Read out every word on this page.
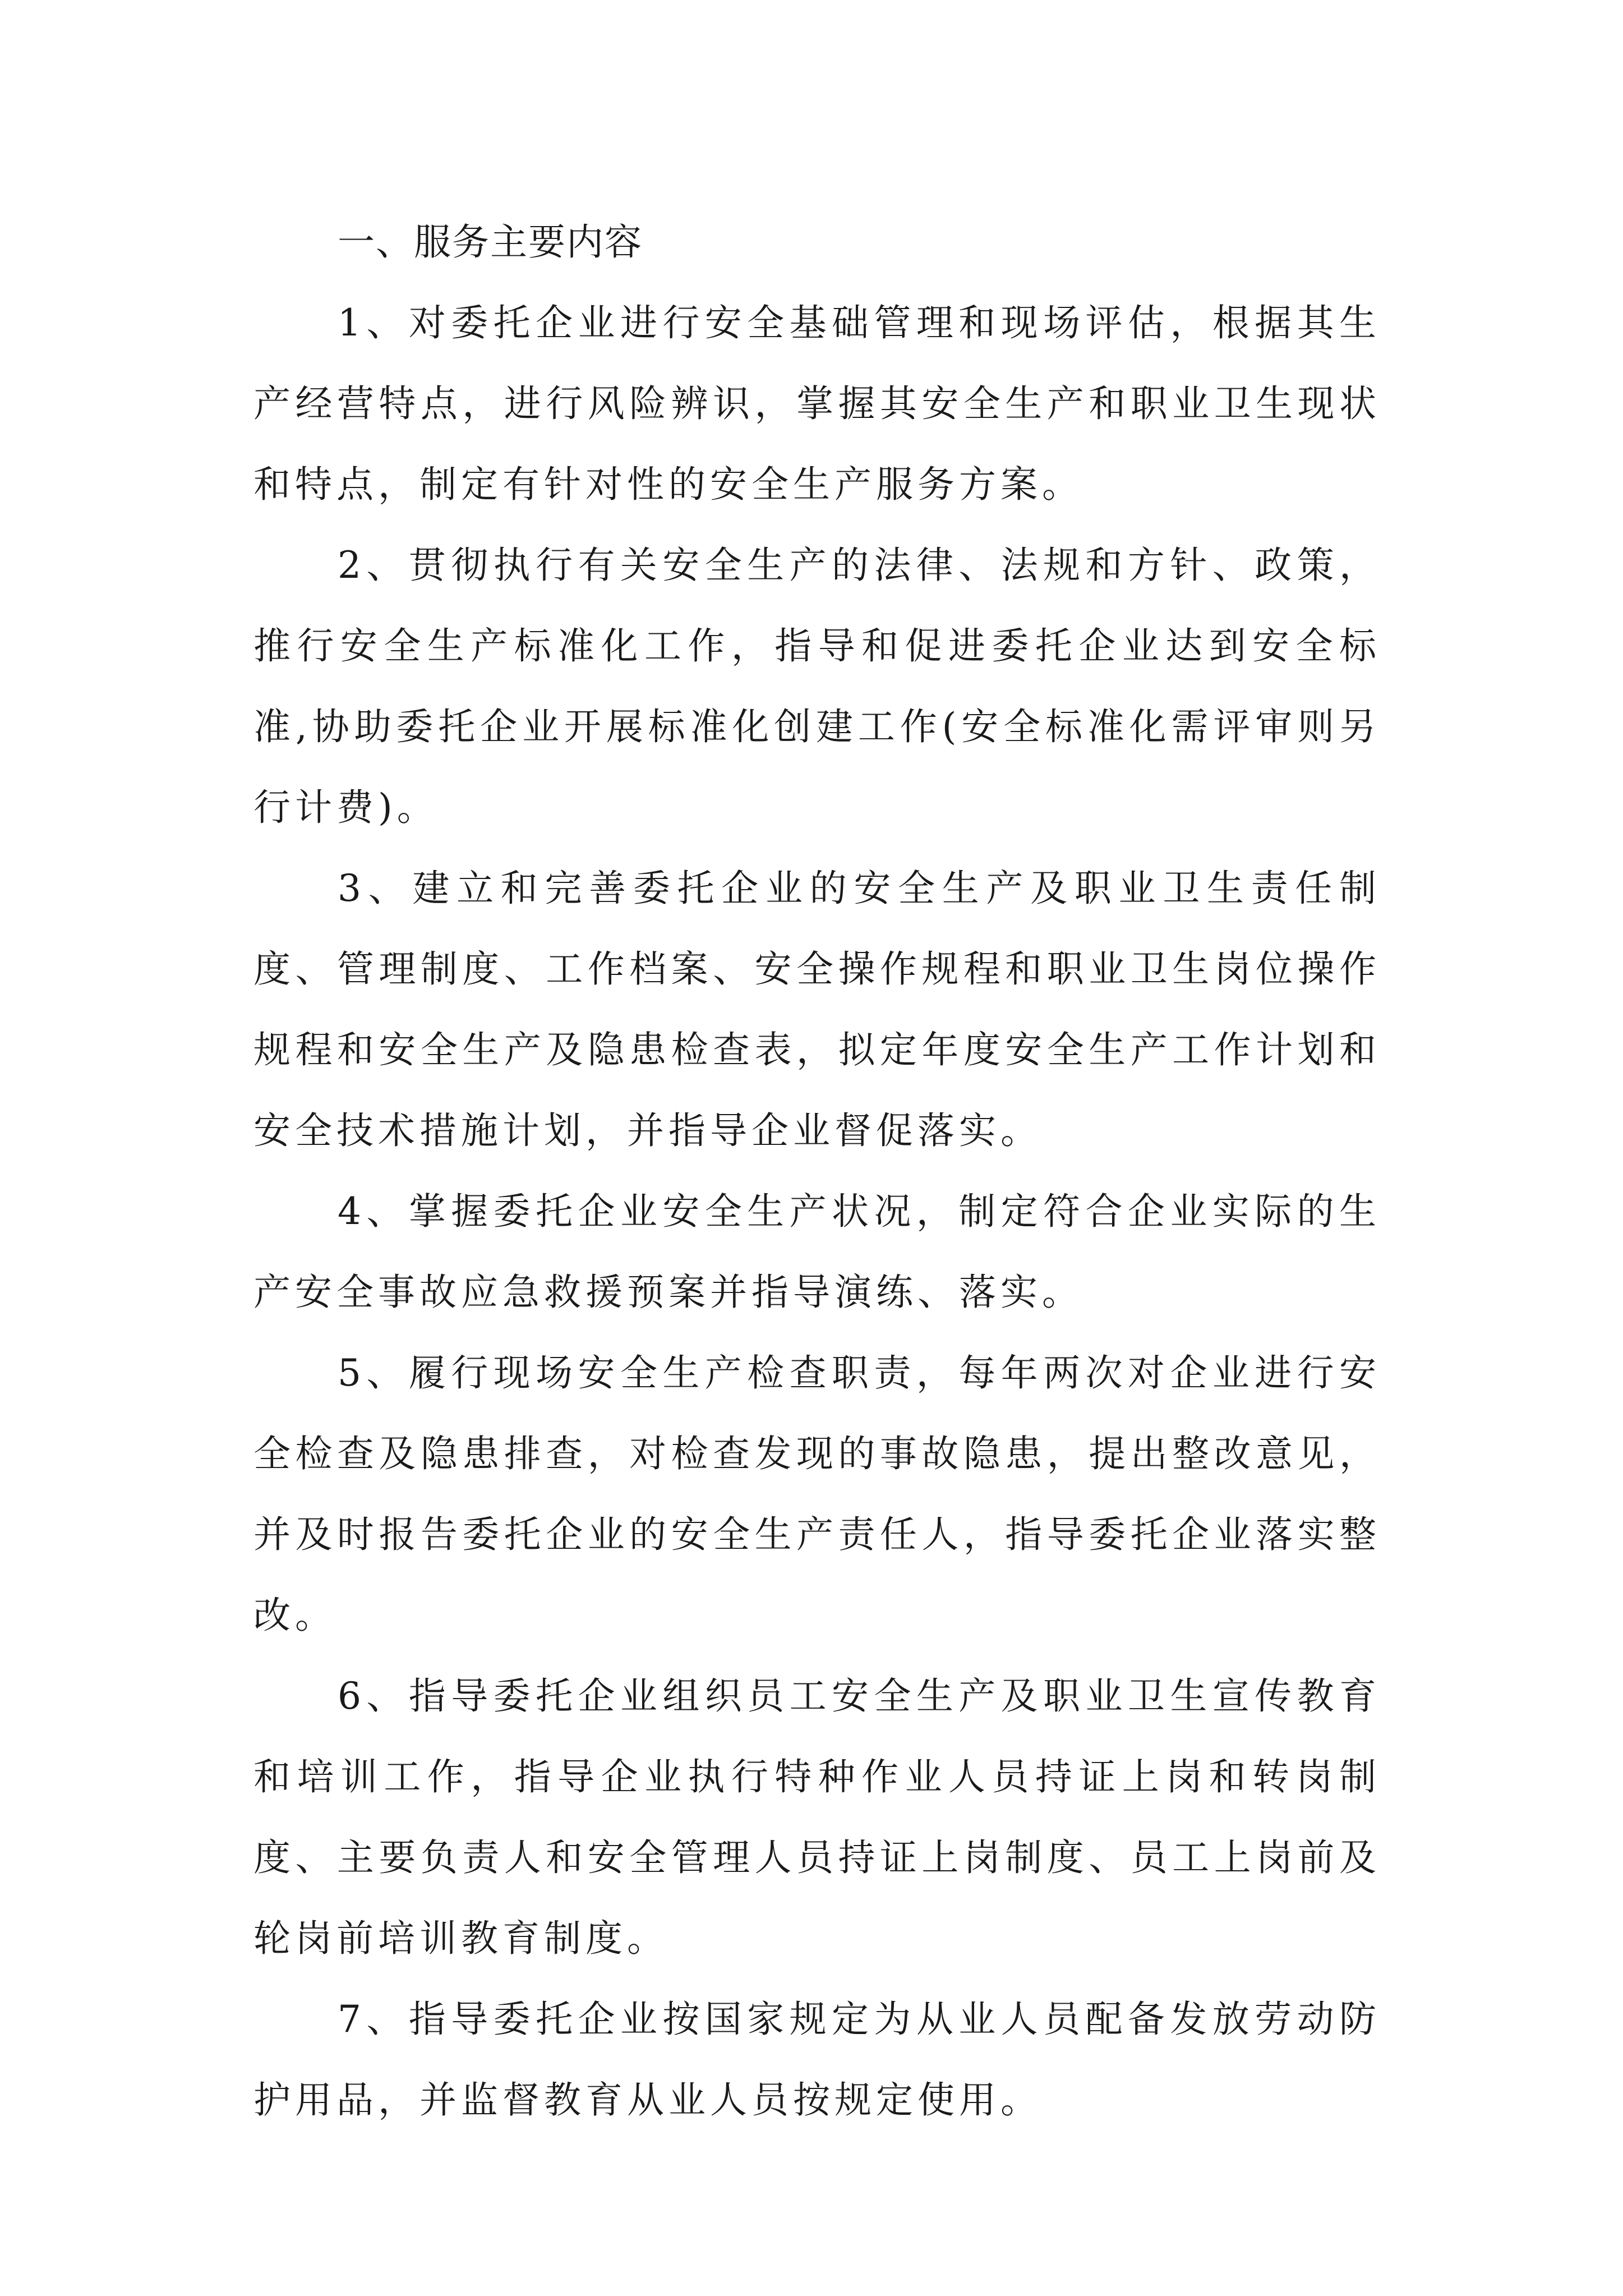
一、服务主要内容

1、对委托企业进行安全基础管理和现场评估，根据其生产经营特点，进行风险辨识，掌握其安全生产和职业卫生现状和特点，制定有针对性的安全生产服务方案。

2、贯彻执行有关安全生产的法律、法规和方针、政策，推行安全生产标准化工作，指导和促进委托企业达到安全标准,协助委托企业开展标准化创建工作(安全标准化需评审则另行计费)。

3、建立和完善委托企业的安全生产及职业卫生责任制度、管理制度、工作档案、安全操作规程和职业卫生岗位操作规程和安全生产及隐患检查表，拟定年度安全生产工作计划和安全技术措施计划，并指导企业督促落实。

4、掌握委托企业安全生产状况，制定符合企业实际的生产安全事故应急救援预案并指导演练、落实。

5、履行现场安全生产检查职责，每年两次对企业进行安全检查及隐患排查，对检查发现的事故隐患，提出整改意见，并及时报告委托企业的安全生产责任人，指导委托企业落实整改。

6、指导委托企业组织员工安全生产及职业卫生宣传教育和培训工作，指导企业执行特种作业人员持证上岗和转岗制度、主要负责人和安全管理人员持证上岗制度、员工上岗前及轮岗前培训教育制度。

7、指导委托企业按国家规定为从业人员配备发放劳动防护用品，并监督教育从业人员按规定使用。
